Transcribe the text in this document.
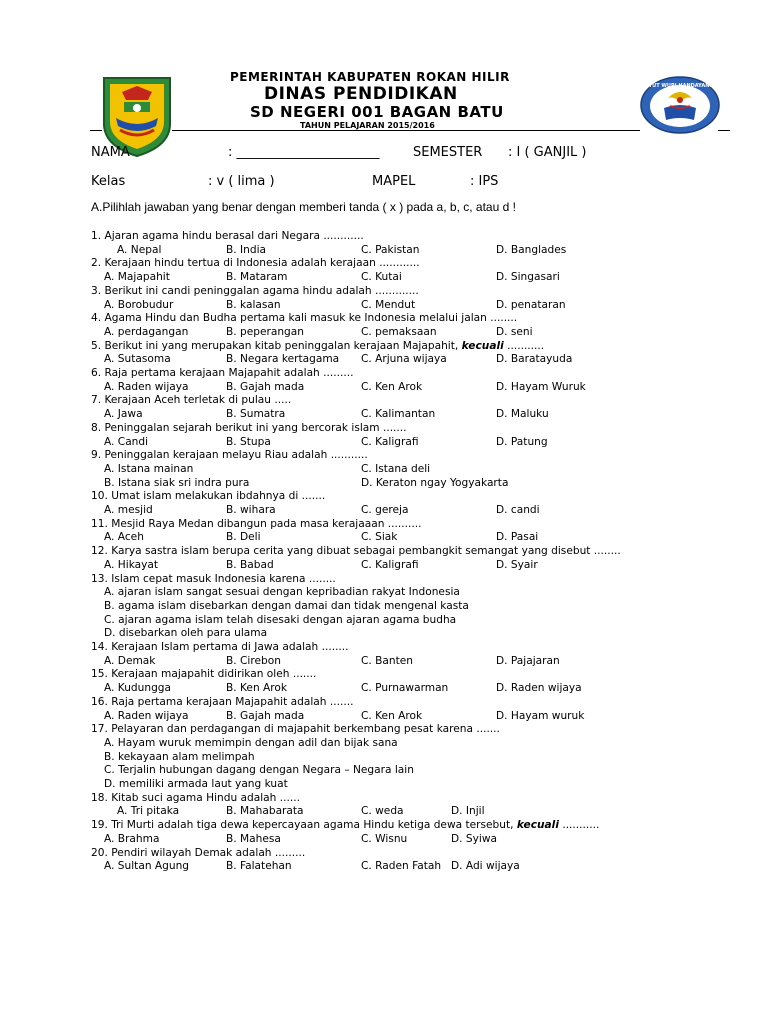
TUT WURI HANDAYANI
PEMERINTAH KABUPATEN ROKAN HILIR
DINAS PENDIDIKAN
SD NEGERI 001 BAGAN BATU
TAHUN PELAJARAN 2015/2016
NAMA	: ______________________	SEMESTER : I ( GANJIL )
Kelas	: v ( lima )	MAPEL	: IPS
A.Pilihlah jawaban yang benar dengan memberi tanda ( x ) pada a, b, c, atau d !
1. Ajaran agama hindu berasal dari Negara ............
A. Nepal	B. India	C. Pakistan	D. Banglades
2. Kerajaan hindu tertua di Indonesia adalah kerajaan ............
A. Majapahit	B. Mataram	C. Kutai	D. Singasari
3. Berikut ini candi peninggalan agama hindu adalah .............
A. Borobudur	B. kalasan	C. Mendut	D. penataran
4. Agama Hindu dan Budha pertama kali masuk ke Indonesia melalui jalan ........
A. perdagangan	B. peperangan	C. pemaksaan	D. seni
5. Berikut ini yang merupakan kitab peninggalan kerajaan Majapahit, kecuali ...........
A. Sutasoma	B. Negara kertagama C. Arjuna wijaya	D. Baratayuda
6. Raja pertama kerajaan Majapahit adalah .........
A. Raden wijaya	B. Gajah mada	C. Ken Arok	D. Hayam Wuruk
7. Kerajaan Aceh terletak di pulau .....
A. Jawa	B. Sumatra	C. Kalimantan	D. Maluku
8. Peninggalan sejarah berikut ini yang bercorak islam .......
A. Candi	B. Stupa	C. Kaligrafi	D. Patung
9. Peninggalan kerajaan melayu Riau adalah ...........
A. Istana mainan	C. Istana deli
B. Istana siak sri indra pura	D. Keraton ngay Yogyakarta
10. Umat islam melakukan ibdahnya di .......
A. mesjid	B. wihara	C. gereja	D. candi
11. Mesjid Raya Medan dibangun pada masa kerajaaan ..........
A. Aceh	B. Deli	C. Siak	D. Pasai
12. Karya sastra islam berupa cerita yang dibuat sebagai pembangkit semangat yang disebut ........
A. Hikayat	B. Babad	C. Kaligrafi	D. Syair
13. Islam cepat masuk Indonesia karena ........
A. ajaran islam sangat sesuai dengan kepribadian rakyat Indonesia
B. agama islam disebarkan dengan damai dan tidak mengenal kasta
C. ajaran agama islam telah disesaki dengan ajaran agama budha
D. disebarkan oleh para ulama
14. Kerajaan Islam pertama di Jawa adalah ........
A. Demak	B. Cirebon	C. Banten	D. Pajajaran
15. Kerajaan majapahit didirikan oleh .......
A. Kudungga	B. Ken Arok	C. Purnawarman	D. Raden wijaya
16. Raja pertama kerajaan Majapahit adalah .......
A. Raden wijaya	B. Gajah mada	C. Ken Arok	D. Hayam wuruk
17. Pelayaran dan perdagangan di majapahit berkembang pesat karena .......
A. Hayam wuruk memimpin dengan adil dan bijak sana
B. kekayaan alam melimpah
C. Terjalin hubungan dagang dengan Negara – Negara lain
D. memiliki armada laut yang kuat
18. Kitab suci agama Hindu adalah ......
A. Tri pitaka	B. Mahabarata	C. weda	D. Injil
19. Tri Murti adalah tiga dewa kepercayaan agama Hindu ketiga dewa tersebut, kecuali ...........
A. Brahma	B. Mahesa	C. Wisnu	D. Syiwa
20. Pendiri wilayah Demak adalah .........
A. Sultan Agung	B. Falatehan	C. Raden Fatah D. Adi wijaya
